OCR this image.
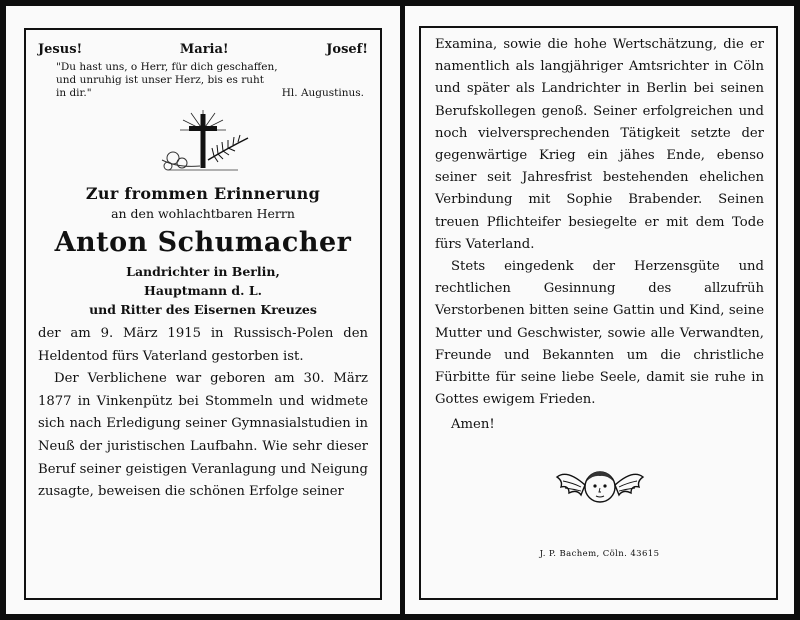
Jesus!	Maria!	Josef!
"Du hast uns, o Herr, für dich geschaffen,
und unruhig ist unser Herz, bis es ruht
in dir."	Hl. Augustinus.
Zur frommen Erinnerung
an den wohlachtbaren Herrn
Anton Schumacher
Landrichter in Berlin,
Hauptmann d. L.
und Ritter des Eisernen Kreuzes

der am 9. März 1915 in Russisch-Polen den Heldentod fürs Vaterland gestorben ist.

Der Verblichene war geboren am 30. März 1877 in Vinkenpütz bei Stommeln und widmete sich nach Erledigung seiner Gymnasialstudien in Neuß der juristischen Laufbahn. Wie sehr dieser Beruf seiner geistigen Veranlagung und Neigung zusagte, beweisen die schönen Erfolge seiner

Examina, sowie die hohe Wertschätzung, die er namentlich als langjähriger Amtsrichter in Cöln und später als Landrichter in Berlin bei seinen Berufskollegen genoß. Seiner erfolgreichen und noch vielversprechenden Tätigkeit setzte der gegenwärtige Krieg ein jähes Ende, ebenso seiner seit Jahresfrist bestehenden ehelichen Verbindung mit Sophie Brabender. Seinen treuen Pflichteifer besiegelte er mit dem Tode fürs Vaterland.

Stets eingedenk der Herzensgüte und rechtlichen Gesinnung des allzufrüh Verstorbenen bitten seine Gattin und Kind, seine Mutter und Geschwister, sowie alle Verwandten, Freunde und Bekannten um die christliche Fürbitte für seine liebe Seele, damit sie ruhe in Gottes ewigem Frieden.

Amen!
J. P. Bachem, Cöln. 43615
